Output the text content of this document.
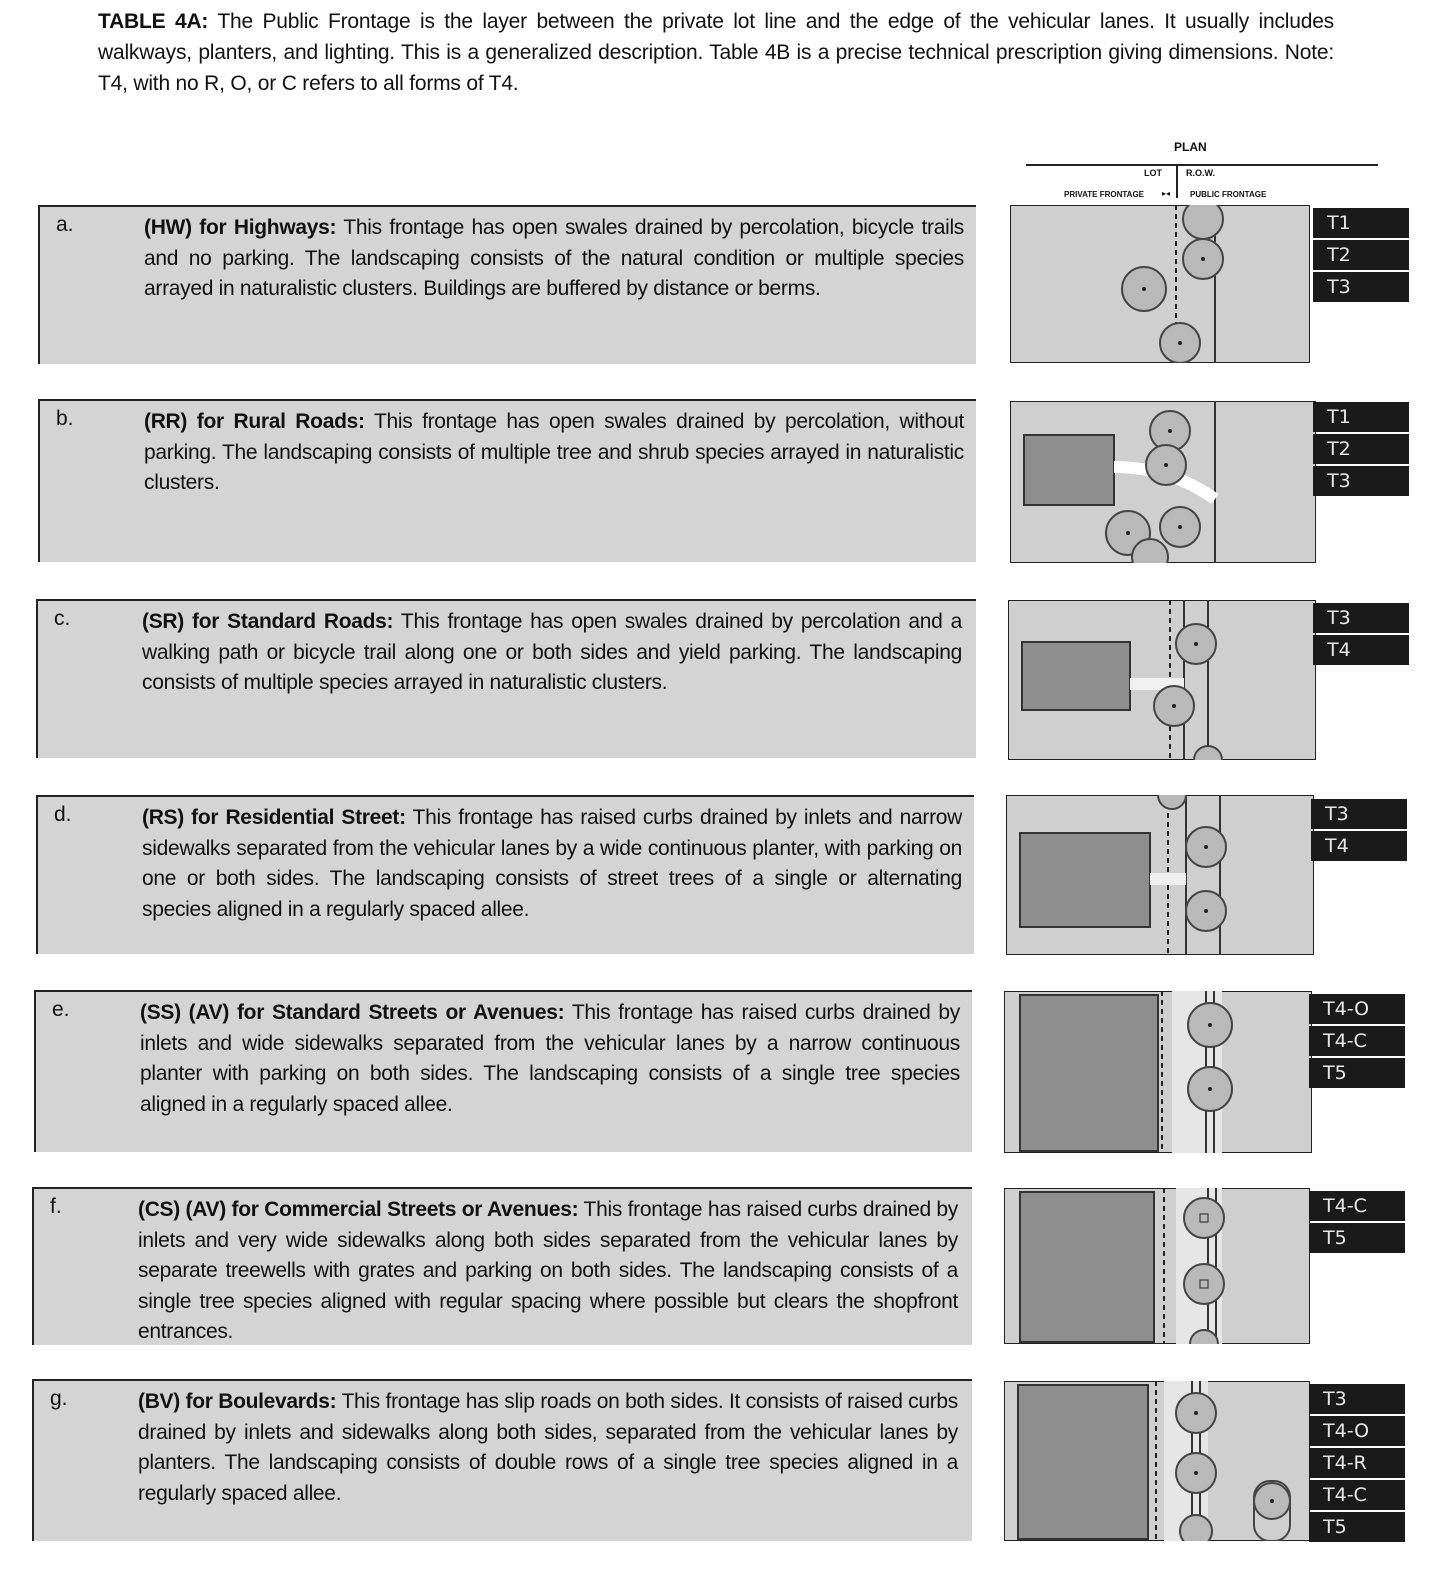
TABLE 4A: The Public Frontage is the layer between the private lot line and the edge of the vehicular lanes. It usually includes walkways, planters, and lighting. This is a generalized description. Table 4B is a precise technical prescription giving dimensions. Note: T4, with no R, O, or C refers to all forms of T4.
PLAN
LOT	R.O.W.
PRIVATE FRONTAGE ▸◂ PUBLIC FRONTAGE
a.	(HW) for Highways: This frontage has open swales drained by percolation, bicycle trails and no parking. The landscaping consists of the natural condition or multiple species arrayed in naturalistic clusters. Buildings are buffered by distance or berms.
T1
T2
T3
b.	(RR) for Rural Roads: This frontage has open swales drained by percolation, without parking. The landscaping consists of multiple tree and shrub species arrayed in naturalistic clusters.
T1
T2
T3
c.	(SR) for Standard Roads: This frontage has open swales drained by percolation and a walking path or bicycle trail along one or both sides and yield parking. The landscaping consists of multiple species arrayed in naturalistic clusters.
T3
T4
d.	(RS) for Residential Street: This frontage has raised curbs drained by inlets and narrow sidewalks separated from the vehicular lanes by a wide continuous planter, with parking on one or both sides. The landscaping consists of street trees of a single or alternating species aligned in a regularly spaced allee.
T3
T4
e.	(SS) (AV) for Standard Streets or Avenues: This frontage has raised curbs drained by inlets and wide sidewalks separated from the vehicular lanes by a narrow continuous planter with parking on both sides. The landscaping consists of a single tree species aligned in a regularly spaced allee.
T4-O
T4-C
T5
f.	(CS) (AV) for Commercial Streets or Avenues: This frontage has raised curbs drained by inlets and very wide sidewalks along both sides separated from the vehicular lanes by separate treewells with grates and parking on both sides. The landscaping consists of a single tree species aligned with regular spacing where possible but clears the shopfront entrances.
T4-C
T5
g.	(BV) for Boulevards: This frontage has slip roads on both sides. It consists of raised curbs drained by inlets and sidewalks along both sides, separated from the vehicular lanes by planters. The landscaping consists of double rows of a single tree species aligned in a regularly spaced allee.
T3
T4-O
T4-R
T4-C
T5
